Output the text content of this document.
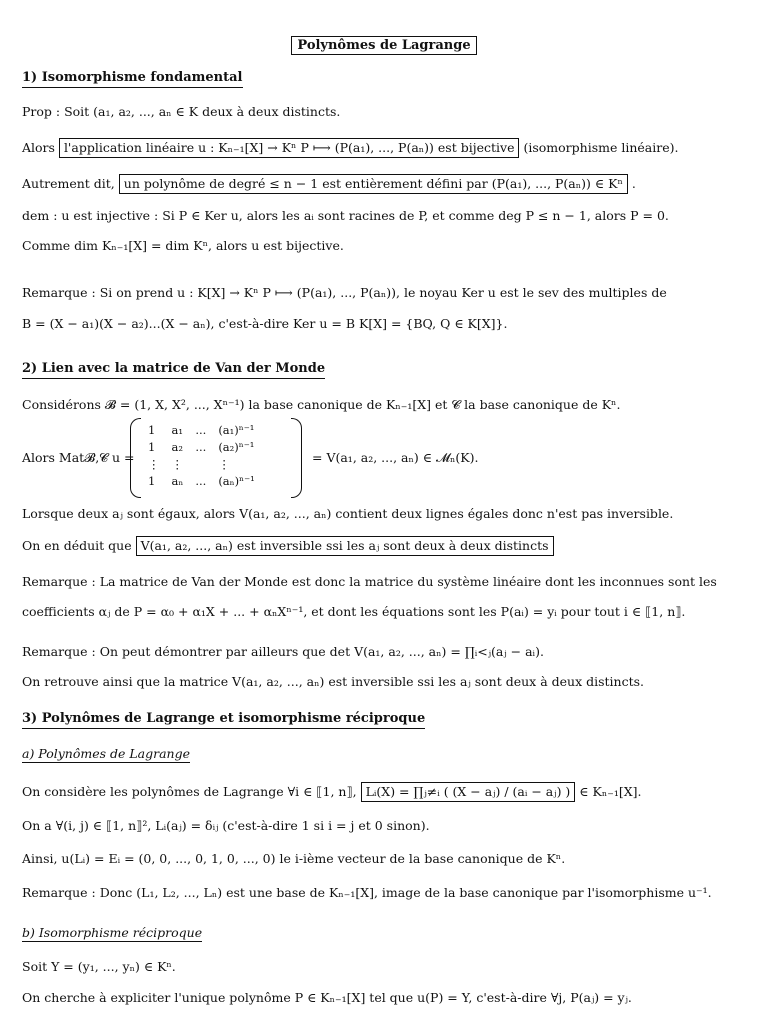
Polynômes de Lagrange
1) Isomorphisme fondamental
Prop : Soit (a₁, a₂, ..., aₙ ∈ K deux à deux distincts.
Alors l'application linéaire u : Kₙ₋₁[X] → Kⁿ P ⟼ (P(a₁), ..., P(aₙ)) est bijective (isomorphisme linéaire).
Autrement dit, un polynôme de degré ≤ n − 1 est entièrement défini par (P(a₁), ..., P(aₙ)) ∈ Kⁿ .
dem : u est injective : Si P ∈ Ker u, alors les aᵢ sont racines de P, et comme deg P ≤ n − 1, alors P = 0.
Comme dim Kₙ₋₁[X] = dim Kⁿ, alors u est bijective.
Remarque : Si on prend u : K[X] → Kⁿ P ⟼ (P(a₁), ..., P(aₙ)), le noyau Ker u est le sev des multiples de
B = (X − a₁)(X − a₂)...(X − aₙ), c'est-à-dire Ker u = B K[X] = {BQ, Q ∈ K[X]}.
2) Lien avec la matrice de Van der Monde
Considérons 𝓑 = (1, X, X², ..., Xⁿ⁻¹) la base canonique de Kₙ₋₁[X] et 𝓒 la base canonique de Kⁿ.
Alors Mat𝓑,𝓒 u =
1	a₁	...	(a₁)ⁿ⁻¹
1	a₂	...	(a₂)ⁿ⁻¹
⋮	⋮		⋮
1	aₙ	...	(aₙ)ⁿ⁻¹
= V(a₁, a₂, ..., aₙ) ∈ 𝓜ₙ(K).
Lorsque deux aⱼ sont égaux, alors V(a₁, a₂, ..., aₙ) contient deux lignes égales donc n'est pas inversible.
On en déduit que V(a₁, a₂, ..., aₙ) est inversible ssi les aⱼ sont deux à deux distincts
Remarque : La matrice de Van der Monde est donc la matrice du système linéaire dont les inconnues sont les
coefficients αⱼ de P = α₀ + α₁X + ... + αₙXⁿ⁻¹, et dont les équations sont les P(aᵢ) = yᵢ pour tout i ∈ ⟦1, n⟧.
Remarque : On peut démontrer par ailleurs que det V(a₁, a₂, ..., aₙ) = ∏ᵢ<ⱼ(aⱼ − aᵢ).
On retrouve ainsi que la matrice V(a₁, a₂, ..., aₙ) est inversible ssi les aⱼ sont deux à deux distincts.
3) Polynômes de Lagrange et isomorphisme réciproque
a) Polynômes de Lagrange
On considère les polynômes de Lagrange ∀i ∈ ⟦1, n⟧, Lᵢ(X) = ∏ⱼ≠ᵢ ( (X − aⱼ) / (aᵢ − aⱼ) ) ∈ Kₙ₋₁[X].
On a ∀(i, j) ∈ ⟦1, n⟧², Lᵢ(aⱼ) = δᵢⱼ (c'est-à-dire 1 si i = j et 0 sinon).
Ainsi, u(Lᵢ) = Eᵢ = (0, 0, ..., 0, 1, 0, ..., 0) le i-ième vecteur de la base canonique de Kⁿ.
Remarque : Donc (L₁, L₂, ..., Lₙ) est une base de Kₙ₋₁[X], image de la base canonique par l'isomorphisme u⁻¹.
b) Isomorphisme réciproque
Soit Y = (y₁, ..., yₙ) ∈ Kⁿ.
On cherche à expliciter l'unique polynôme P ∈ Kₙ₋₁[X] tel que u(P) = Y, c'est-à-dire ∀j, P(aⱼ) = yⱼ.
